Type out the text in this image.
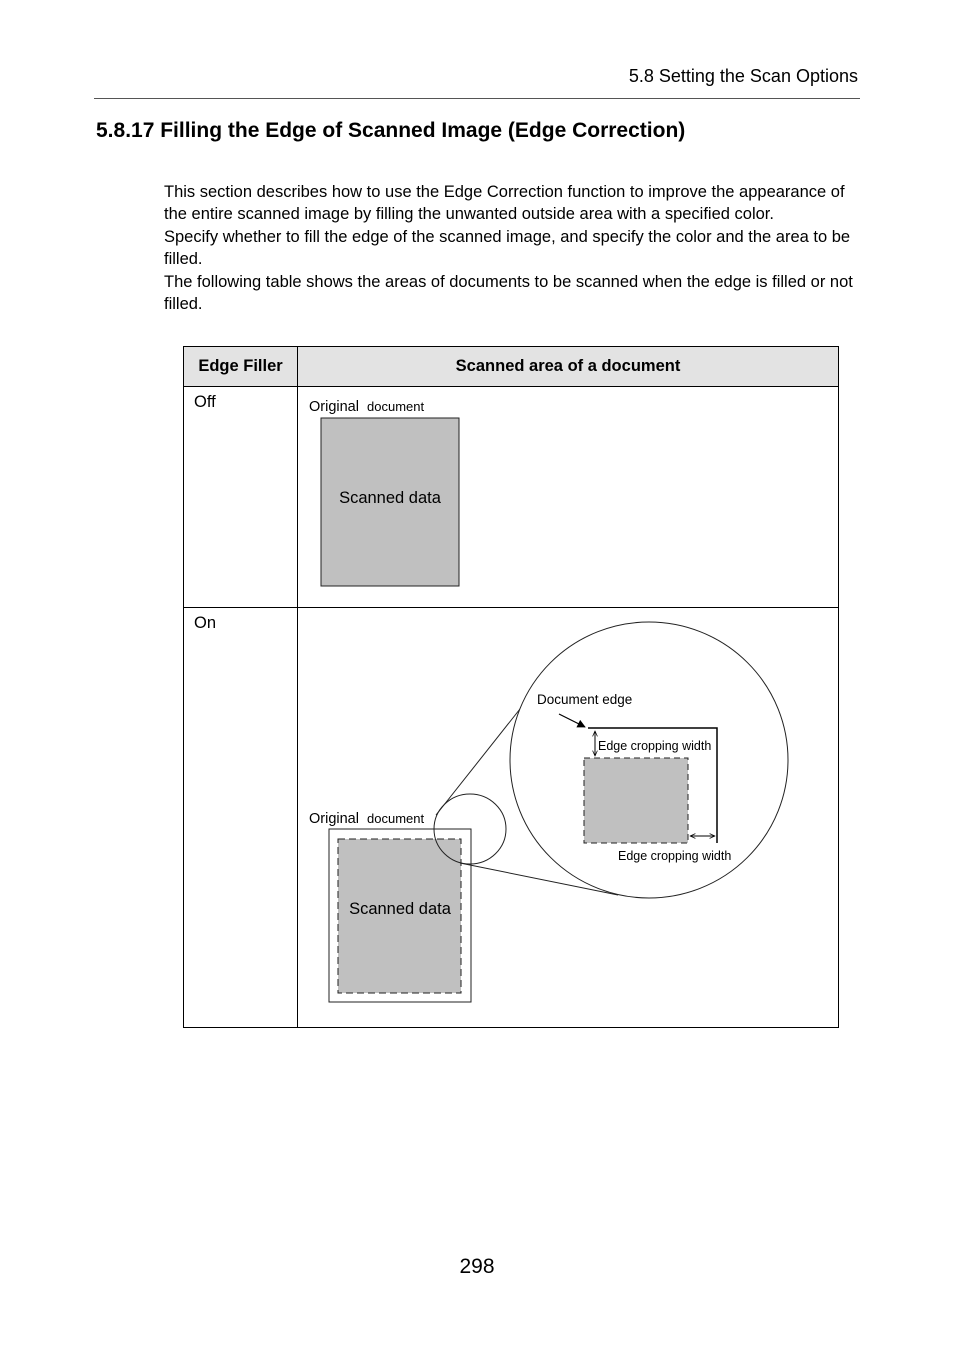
5.8 Setting the Scan Options
5.8.17 Filling the Edge of Scanned Image (Edge Correction)

This section describes how to use the Edge Correction function to improve the appearance of the entire scanned image by filling the unwanted outside area with a specified color.

Specify whether to fill the edge of the scanned image, and specify the color and the area to be filled.

The following table shows the areas of documents to be scanned when the edge is filled or not filled.

Edge Filler	Scanned area of a document
Off	Original document
Scanned data

On	Original document
Scanned data
Document edge
Edge cropping width
Edge cropping width
298
